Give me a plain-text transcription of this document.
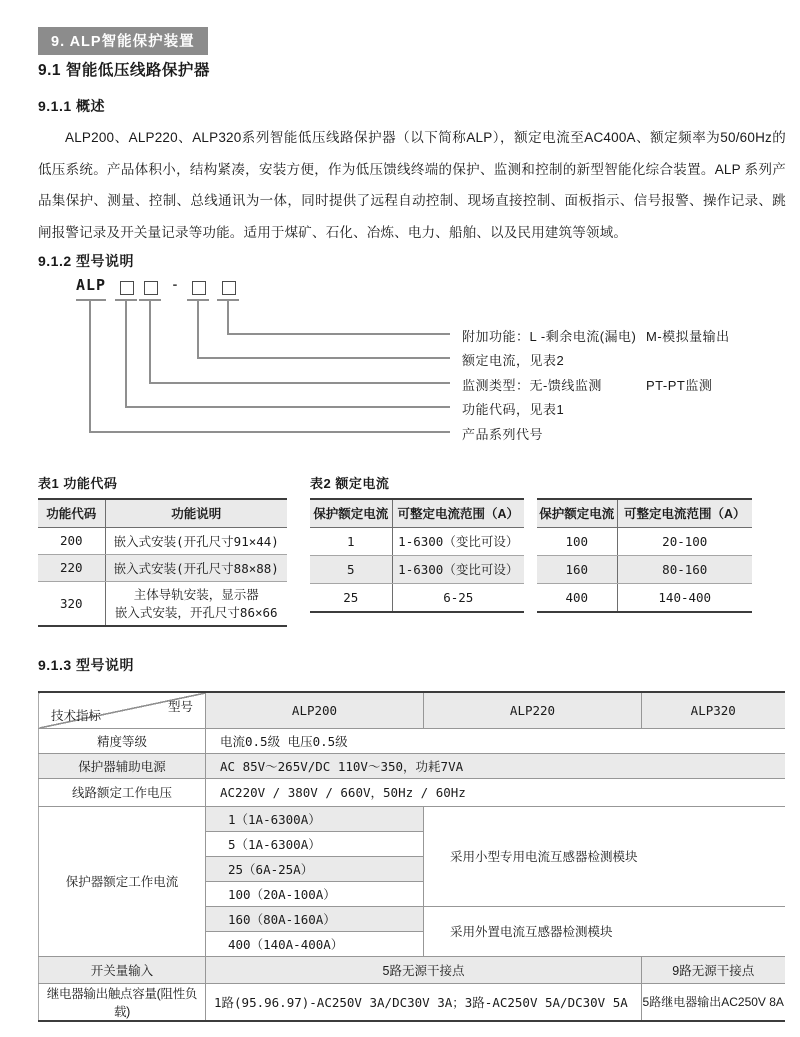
9. ALP智能保护装置
9.1 智能低压线路保护器
9.1.1 概述
ALP200、ALP220、ALP320系列智能低压线路保护器（以下简称ALP），额定电流至AC400A、额定频率为50/60Hz的低压系统。产品体积小，结构紧凑，安装方便，作为低压馈线终端的保护、监测和控制的新型智能化综合装置。ALP 系列产品集保护、测量、控制、总线通讯为一体，同时提供了远程自动控制、现场直接控制、面板指示、信号报警、操作记录、跳闸报警记录及开关量记录等功能。适用于煤矿、石化、冶炼、电力、船舶、以及民用建筑等领域。
9.1.2 型号说明
ALP	-
附加功能：L -剩余电流(漏电) M-模拟量输出
额定电流，见表2
监测类型：无-馈线监测	PT-PT监测
功能代码，见表1
产品系列代号
表1 功能代码
功能代码	功能说明
200	嵌入式安装(开孔尺寸91×44)
220	嵌入式安装(开孔尺寸88×88)
320	主体导轨安装，显示器
嵌入式安装，开孔尺寸86×66
表2 额定电流
保护额定电流	可整定电流范围（A）
1	1-6300（变比可设）
5	1-6300（变比可设）
25	6-25
保护额定电流	可整定电流范围（A）
100	20-100
160	80-160
400	140-400
9.1.3 型号说明
型号
技术指标	ALP200	ALP220	ALP320
精度等级	电流0.5级 电压0.5级		
保护器辅助电源	AC 85V～265V/DC 110V～350，功耗7VA		
线路额定工作电压	AC220V / 380V / 660V，50Hz / 60Hz		
保护器额定工作电流	1（1A-6300A）	采用小型专用电流互感器检测模块	
	5（1A-6300A）		
	25（6A-25A）		
	100（20A-100A）		
	160（80A-160A）	采用外置电流互感器检测模块	
	400（140A-400A）		
开关量输入	5路无源干接点		9路无源干接点
继电器输出触点容量(阻性负载)	1路(95.96.97)-AC250V 3A/DC30V 3A；3路-AC250V 5A/DC30V 5A		5路继电器输出AC250V 8A
